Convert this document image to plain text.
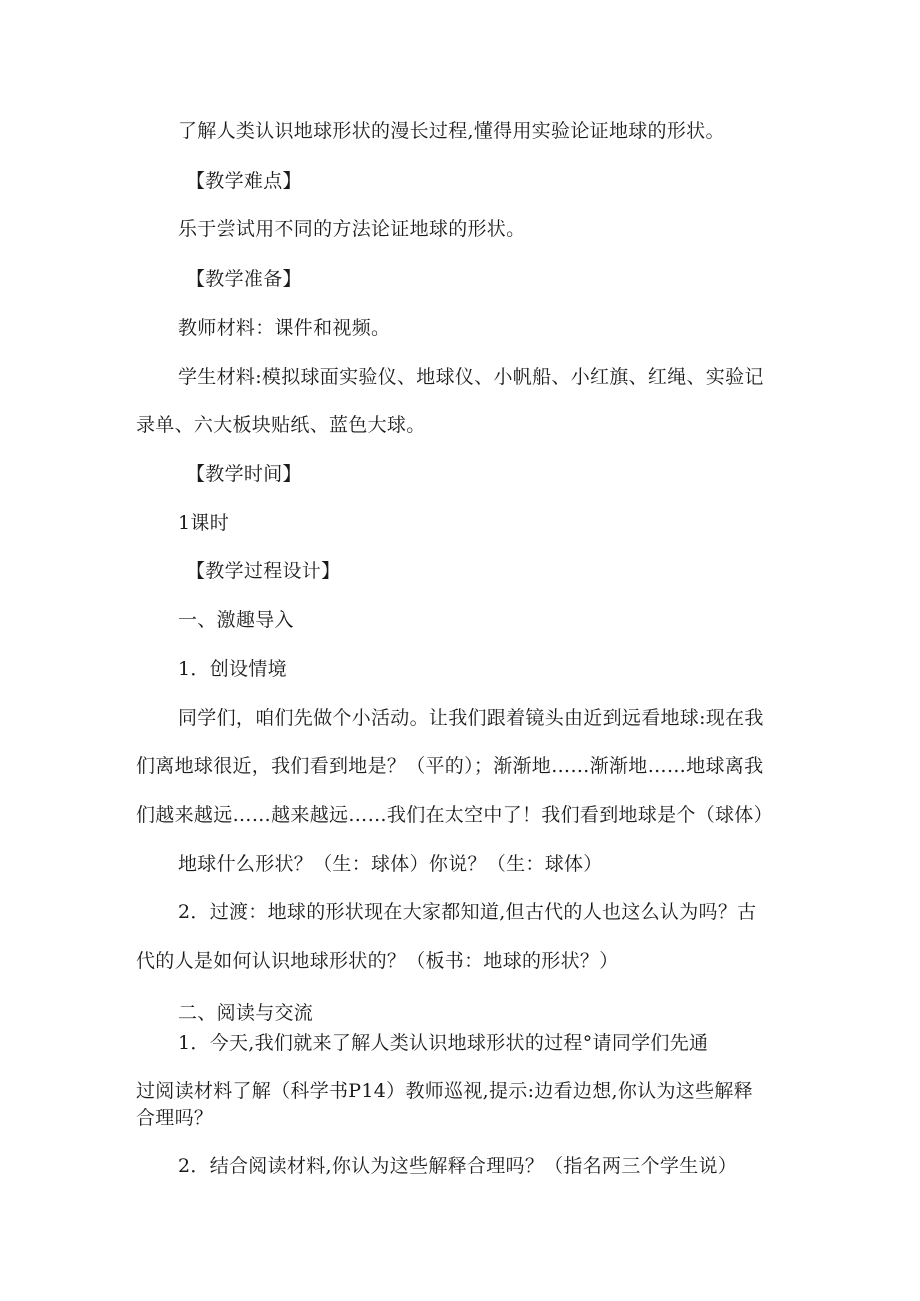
了解人类认识地球形状的漫长过程,懂得用实验论证地球的形状。
【教学难点】
乐于尝试用不同的方法论证地球的形状。
【教学准备】
教师材料：课件和视频。
学生材料:模拟球面实验仪、地球仪、小帆船、小红旗、红绳、实验记
录单、六大板块贴纸、蓝色大球。
【教学时间】
1课时
【教学过程设计】
一、激趣导入
1．创设情境
同学们，咱们先做个小活动。让我们跟着镜头由近到远看地球:现在我
们离地球很近，我们看到地是？（平的）；渐渐地……渐渐地……地球离我
们越来越远……越来越远……我们在太空中了！我们看到地球是个（球体）
地球什么形状？（生：球体）你说？（生：球体）
2．过渡：地球的形状现在大家都知道,但古代的人也这么认为吗？古
代的人是如何认识地球形状的？（板书：地球的形状？）
二、阅读与交流
1．今天,我们就来了解人类认识地球形状的过程°请同学们先通
过阅读材料了解（科学书P14）教师巡视,提示:边看边想,你认为这些解释
合理吗？
2．结合阅读材料,你认为这些解释合理吗？（指名两三个学生说）
